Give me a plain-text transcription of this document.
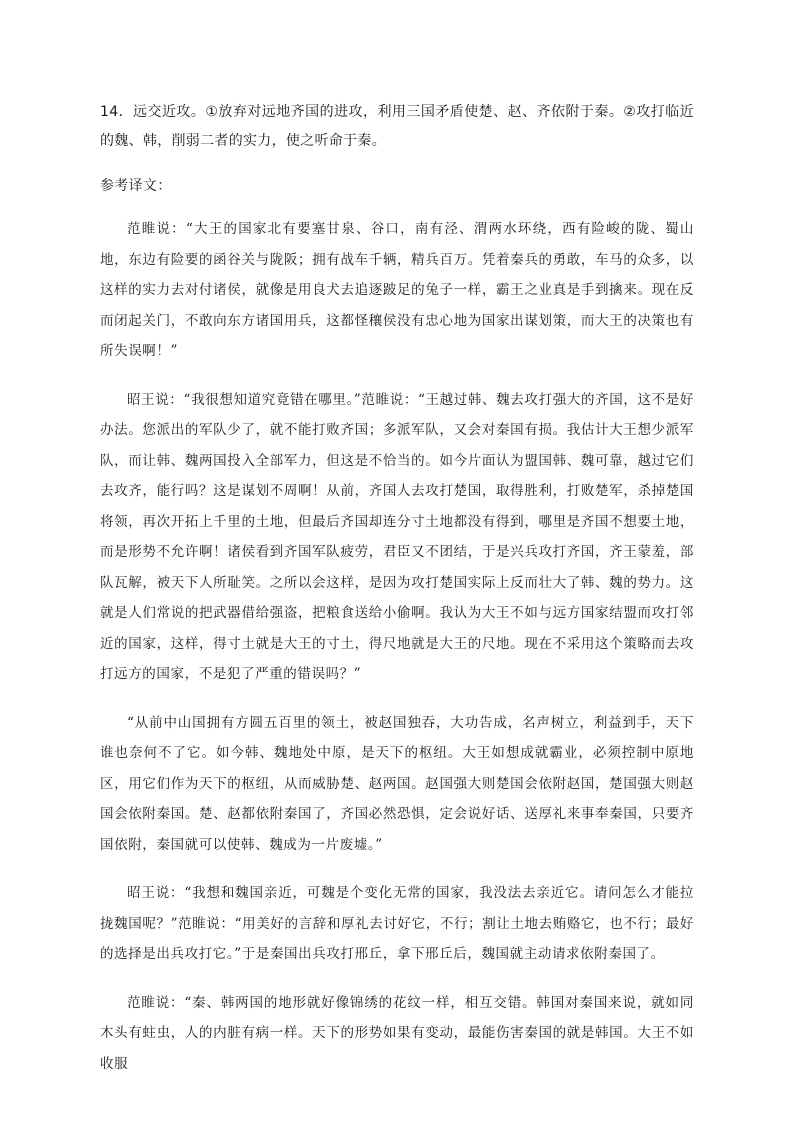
14．远交近攻。①放弃对远地齐国的进攻，利用三国矛盾使楚、赵、齐依附于秦。②攻打临近的魏、韩，削弱二者的实力，使之听命于秦。

参考译文：

范睢说：“大王的国家北有要塞甘泉、谷口，南有泾、渭两水环绕，西有险峻的陇、蜀山地，东边有险要的函谷关与陇阪；拥有战车千辆，精兵百万。凭着秦兵的勇敢，车马的众多，以这样的实力去对付诸侯，就像是用良犬去追逐跛足的兔子一样，霸王之业真是手到擒来。现在反而闭起关门，不敢向东方诸国用兵，这都怪穰侯没有忠心地为国家出谋划策，而大王的决策也有所失误啊！”

昭王说：“我很想知道究竟错在哪里。”范睢说：“王越过韩、魏去攻打强大的齐国，这不是好办法。您派出的军队少了，就不能打败齐国；多派军队，又会对秦国有损。我估计大王想少派军队，而让韩、魏两国投入全部军力，但这是不恰当的。如今片面认为盟国韩、魏可靠，越过它们去攻齐，能行吗？这是谋划不周啊！从前，齐国人去攻打楚国，取得胜利，打败楚军，杀掉楚国将领，再次开拓上千里的土地，但最后齐国却连分寸土地都没有得到，哪里是齐国不想要土地，而是形势不允许啊！诸侯看到齐国军队疲劳，君臣又不团结，于是兴兵攻打齐国，齐王蒙羞，部队瓦解，被天下人所耻笑。之所以会这样，是因为攻打楚国实际上反而壮大了韩、魏的势力。这就是人们常说的把武器借给强盗，把粮食送给小偷啊。我认为大王不如与远方国家结盟而攻打邻近的国家，这样，得寸土就是大王的寸土，得尺地就是大王的尺地。现在不采用这个策略而去攻打远方的国家，不是犯了严重的错误吗？”

“从前中山国拥有方圆五百里的领土，被赵国独吞，大功告成，名声树立，利益到手，天下谁也奈何不了它。如今韩、魏地处中原，是天下的枢纽。大王如想成就霸业，必须控制中原地区，用它们作为天下的枢纽，从而威胁楚、赵两国。赵国强大则楚国会依附赵国，楚国强大则赵国会依附秦国。楚、赵都依附秦国了，齐国必然恐惧，定会说好话、送厚礼来事奉秦国，只要齐国依附，秦国就可以使韩、魏成为一片废墟。”

昭王说：“我想和魏国亲近，可魏是个变化无常的国家，我没法去亲近它。请问怎么才能拉拢魏国呢？”范睢说：“用美好的言辞和厚礼去讨好它，不行；割让土地去贿赂它，也不行；最好的选择是出兵攻打它。”于是秦国出兵攻打邢丘，拿下邢丘后，魏国就主动请求依附秦国了。

范睢说：“秦、韩两国的地形就好像锦绣的花纹一样，相互交错。韩国对秦国来说，就如同木头有蛀虫，人的内脏有病一样。天下的形势如果有变动，最能伤害秦国的就是韩国。大王不如收服
